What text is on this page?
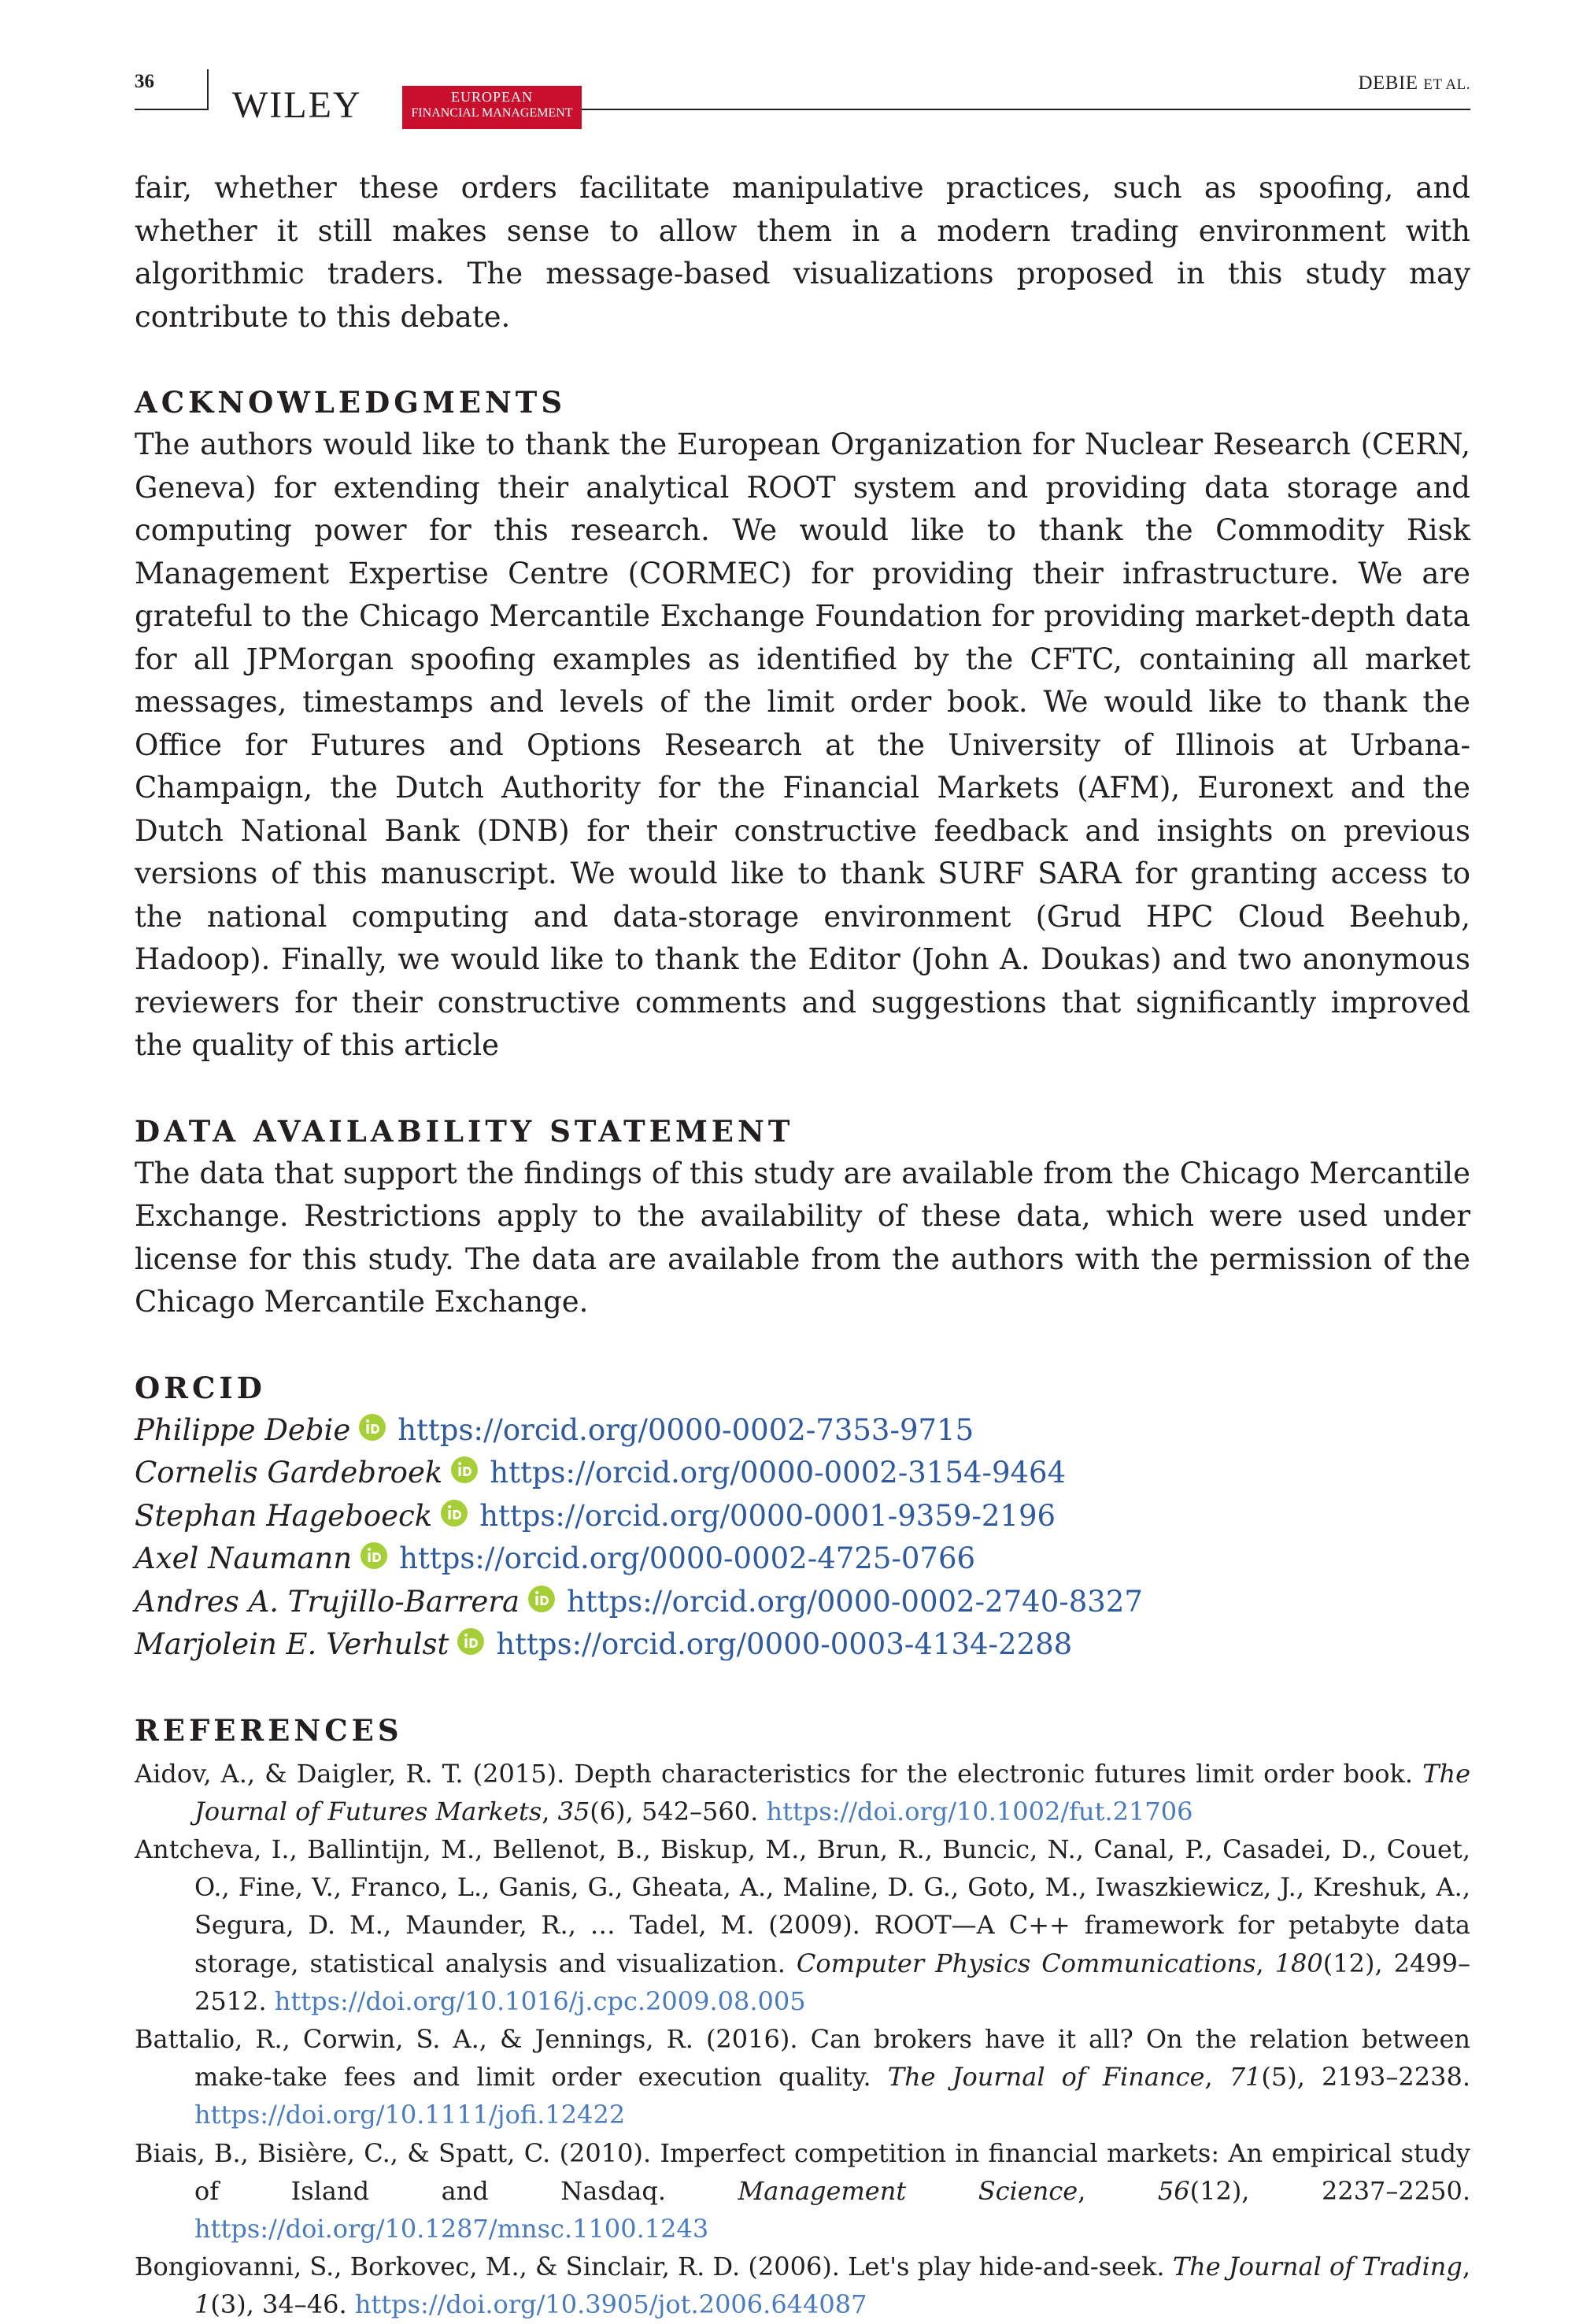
36
WILEY	EUROPEAN
FINANCIAL MANAGEMENT
DEBIE ET AL.

fair, whether these orders facilitate manipulative practices, such as spoofing, and whether it still makes sense to allow them in a modern trading environment with algorithmic traders. The message-based visualizations proposed in this study may contribute to this debate.

ACKNOWLEDGMENTS

The authors would like to thank the European Organization for Nuclear Research (CERN, Geneva) for extending their analytical ROOT system and providing data storage and computing power for this research. We would like to thank the Commodity Risk Management Expertise Centre (CORMEC) for providing their infrastructure. We are grateful to the Chicago Mercantile Exchange Foundation for providing market-depth data for all JPMorgan spoofing examples as identified by the CFTC, containing all market messages, timestamps and levels of the limit order book. We would like to thank the Office for Futures and Options Research at the University of Illinois at Urbana-Champaign, the Dutch Authority for the Financial Markets (AFM), Euronext and the Dutch National Bank (DNB) for their constructive feedback and insights on previous versions of this manuscript. We would like to thank SURF SARA for granting access to the national computing and data-storage environment (Grud HPC Cloud Beehub, Hadoop). Finally, we would like to thank the Editor (John A. Doukas) and two anonymous reviewers for their constructive comments and suggestions that significantly improved the quality of this article

DATA AVAILABILITY STATEMENT

The data that support the findings of this study are available from the Chicago Mercantile Exchange. Restrictions apply to the availability of these data, which were used under license for this study. The data are available from the authors with the permission of the Chicago Mercantile Exchange.

ORCID
Philippe Debie https://orcid.org/0000-0002-7353-9715
Cornelis Gardebroek https://orcid.org/0000-0002-3154-9464
Stephan Hageboeck https://orcid.org/0000-0001-9359-2196
Axel Naumann https://orcid.org/0000-0002-4725-0766
Andres A. Trujillo-Barrera https://orcid.org/0000-0002-2740-8327
Marjolein E. Verhulst https://orcid.org/0000-0003-4134-2288
REFERENCES

Aidov, A., & Daigler, R. T. (2015). Depth characteristics for the electronic futures limit order book. The Journal of Futures Markets, 35(6), 542–560. https://doi.org/10.1002/fut.21706

Antcheva, I., Ballintijn, M., Bellenot, B., Biskup, M., Brun, R., Buncic, N., Canal, P., Casadei, D., Couet, O., Fine, V., Franco, L., Ganis, G., Gheata, A., Maline, D. G., Goto, M., Iwaszkiewicz, J., Kreshuk, A., Segura, D. M., Maunder, R., … Tadel, M. (2009). ROOT—A C++ framework for petabyte data storage, statistical analysis and visualization. Computer Physics Communications, 180(12), 2499–2512. https://doi.org/10.1016/j.cpc.2009.08.005

Battalio, R., Corwin, S. A., & Jennings, R. (2016). Can brokers have it all? On the relation between make-take fees and limit order execution quality. The Journal of Finance, 71(5), 2193–2238. https://doi.org/10.1111/jofi.12422

Biais, B., Bisière, C., & Spatt, C. (2010). Imperfect competition in financial markets: An empirical study of Island and Nasdaq. Management Science, 56(12), 2237–2250. https://doi.org/10.1287/mnsc.1100.1243

Bongiovanni, S., Borkovec, M., & Sinclair, R. D. (2006). Let's play hide-and-seek. The Journal of Trading, 1(3), 34–46. https://doi.org/10.3905/jot.2006.644087
